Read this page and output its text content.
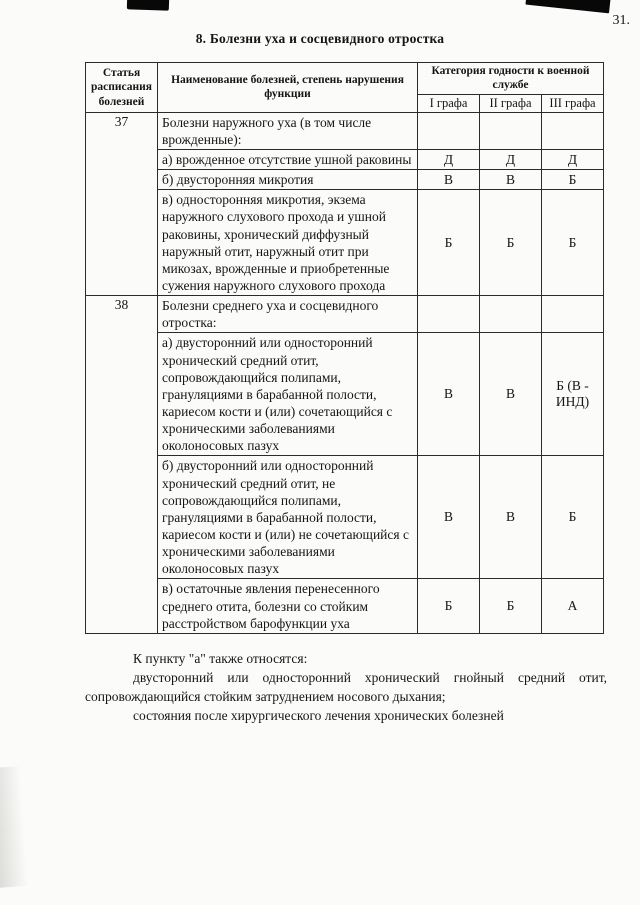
31.
8. Болезни уха и сосцевидного отростка
Статья расписания болезней	Наименование болезней, степень нарушения функции	Категория годности к военной службе		
		I графа	II графа	III графа
37	Болезни наружного уха (в том числе врожденные):			
	а) врожденное отсутствие ушной раковины	Д	Д	Д
	б) двусторонняя микротия	В	В	Б
	в) односторонняя микротия, экзема наружного слухового прохода и ушной раковины, хронический диффузный наружный отит, наружный отит при микозах, врожденные и приобретенные сужения наружного слухового прохода	Б	Б	Б
38	Болезни среднего уха и сосцевидного отростка:			
	а) двусторонний или односторонний хронический средний отит, сопровождающийся полипами, грануляциями в барабанной полости, кариесом кости и (или) сочетающийся с хроническими заболеваниями околоносовых пазух	В	В	Б (В - ИНД)
	б) двусторонний или односторонний хронический средний отит, не сопровождающийся полипами, грануляциями в барабанной полости, кариесом кости и (или) не сочетающийся с хроническими заболеваниями околоносовых пазух	В	В	Б
	в) остаточные явления перенесенного среднего отита, болезни со стойким расстройством барофункции уха	Б	Б	А

К пункту "а" также относятся:

двусторонний или односторонний хронический гнойный средний отит, сопровождающийся стойким затруднением носового дыхания;

состояния после хирургического лечения хронических болезней
